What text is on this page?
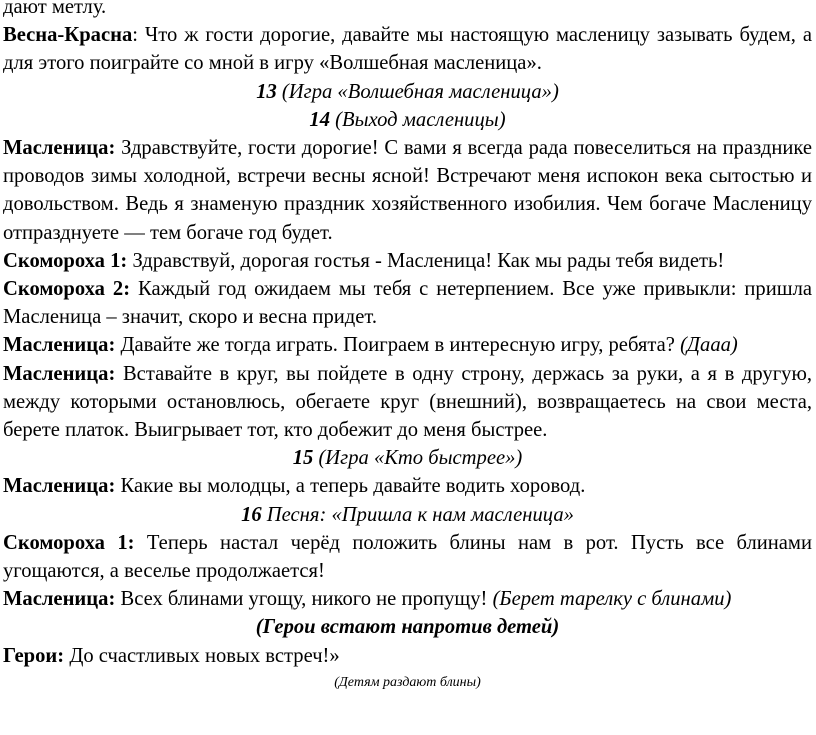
дают метлу.

Весна-Красна: Что ж гости дорогие, давайте мы настоящую масленицу зазывать будем, а для этого поиграйте со мной в игру «Волшебная масленица».

13 (Игра «Волшебная масленица»)

14 (Выход масленицы)

Масленица: Здравствуйте, гости дорогие! С вами я всегда рада повеселиться на празднике проводов зимы холодной, встречи весны ясной! Встречают меня испокон века сытостью и довольством. Ведь я знаменую праздник хозяйственного изобилия. Чем богаче Масленицу отпразднуете — тем богаче год будет.

Скомороха 1: Здравствуй, дорогая гостья - Масленица! Как мы рады тебя видеть!

Скомороха 2: Каждый год ожидаем мы тебя с нетерпением. Все уже привыкли: пришла Масленица – значит, скоро и весна придет.

Масленица: Давайте же тогда играть. Поиграем в интересную игру, ребята? (Дааа)

Масленица: Вставайте в круг, вы пойдете в одну строну, держась за руки, а я в другую, между которыми остановлюсь, обегаете круг (внешний), возвращаетесь на свои места, берете платок. Выигрывает тот, кто добежит до меня быстрее.

15 (Игра «Кто быстрее»)

Масленица: Какие вы молодцы, а теперь давайте водить хоровод.

16 Песня: «Пришла к нам масленица»

Скомороха 1: Теперь настал черёд положить блины нам в рот. Пусть все блинами угощаются, а веселье продолжается!

Масленица: Всех блинами угощу, никого не пропущу! (Берет тарелку с блинами)

(Герои встают напротив детей)

Герои: До счастливых новых встреч!»

(Детям раздают блины)
